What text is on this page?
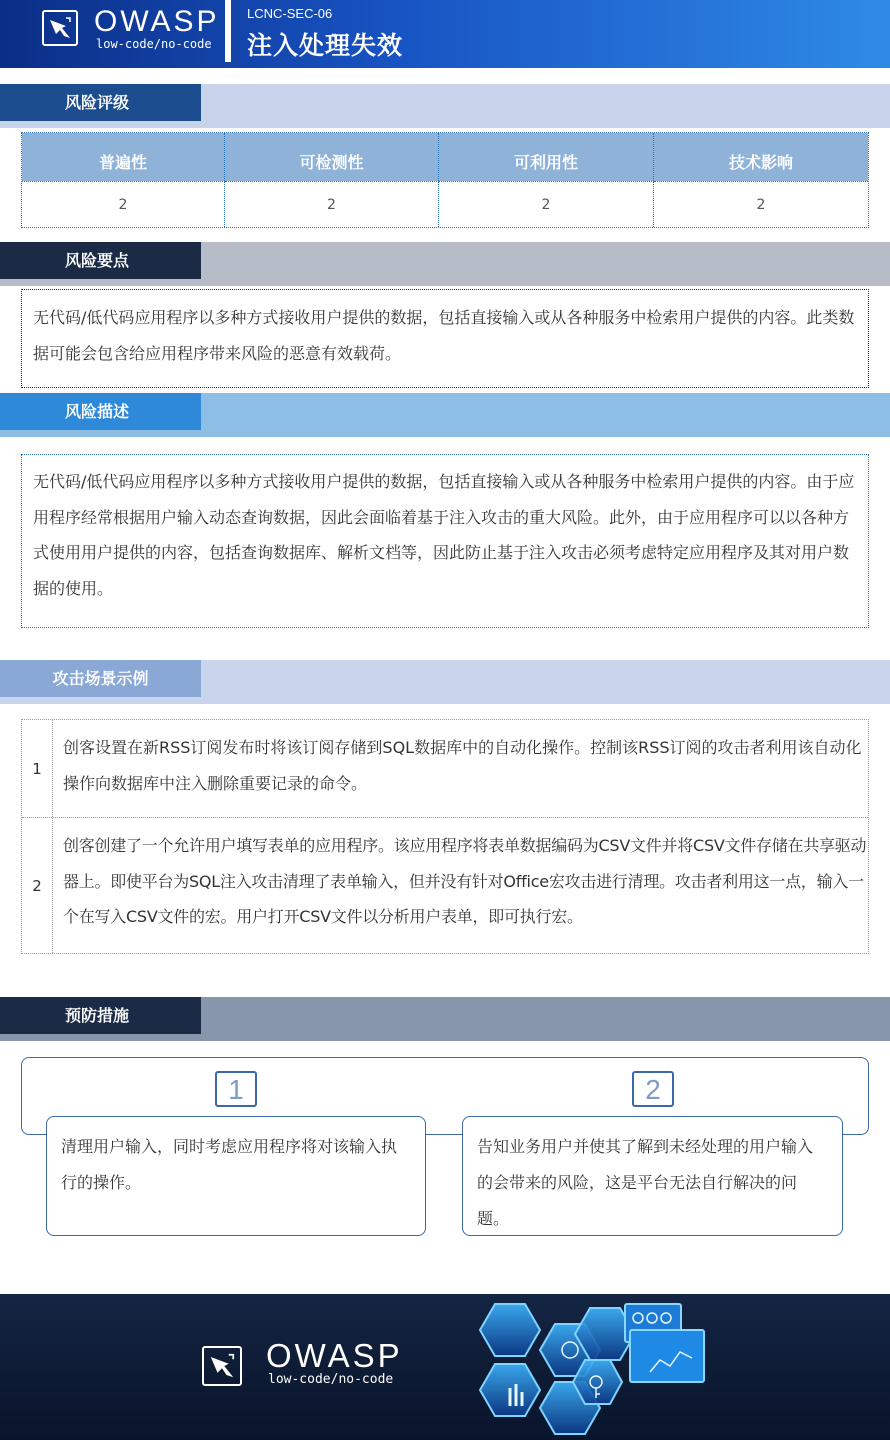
OWASP
low-code/no-code
LCNC-SEC-06
注入处理失效
风险评级
普遍性	可检测性	可利用性	技术影响
2	2	2	2
风险要点
无代码/低代码应用程序以多种方式接收用户提供的数据，包括直接输入或从各种服务中检索用户提供的内容。此类数据可能会包含给应用程序带来风险的恶意有效载荷。
风险描述
无代码/低代码应用程序以多种方式接收用户提供的数据，包括直接输入或从各种服务中检索用户提供的内容。由于应用程序经常根据用户输入动态查询数据，因此会面临着基于注入攻击的重大风险。此外，由于应用程序可以以各种方式使用用户提供的内容，包括查询数据库、解析文档等，因此防止基于注入攻击必须考虑特定应用程序及其对用户数据的使用。
攻击场景示例
1
创客设置在新RSS订阅发布时将该订阅存储到SQL数据库中的自动化操作。控制该RSS订阅的攻击者利用该自动化操作向数据库中注入删除重要记录的命令。
2
创客创建了一个允许用户填写表单的应用程序。该应用程序将表单数据编码为CSV文件并将CSV文件存储在共享驱动器上。即使平台为SQL注入攻击清理了表单输入，但并没有针对Office宏攻击进行清理。攻击者利用这一点，输入一个在写入CSV文件的宏。用户打开CSV文件以分析用户表单，即可执行宏。
预防措施
1	2
清理用户输入，同时考虑应用程序将对该输入执行的操作。
告知业务用户并使其了解到未经处理的用户输入的会带来的风险，这是平台无法自行解决的问题。
OWASP
low-code/no-code
